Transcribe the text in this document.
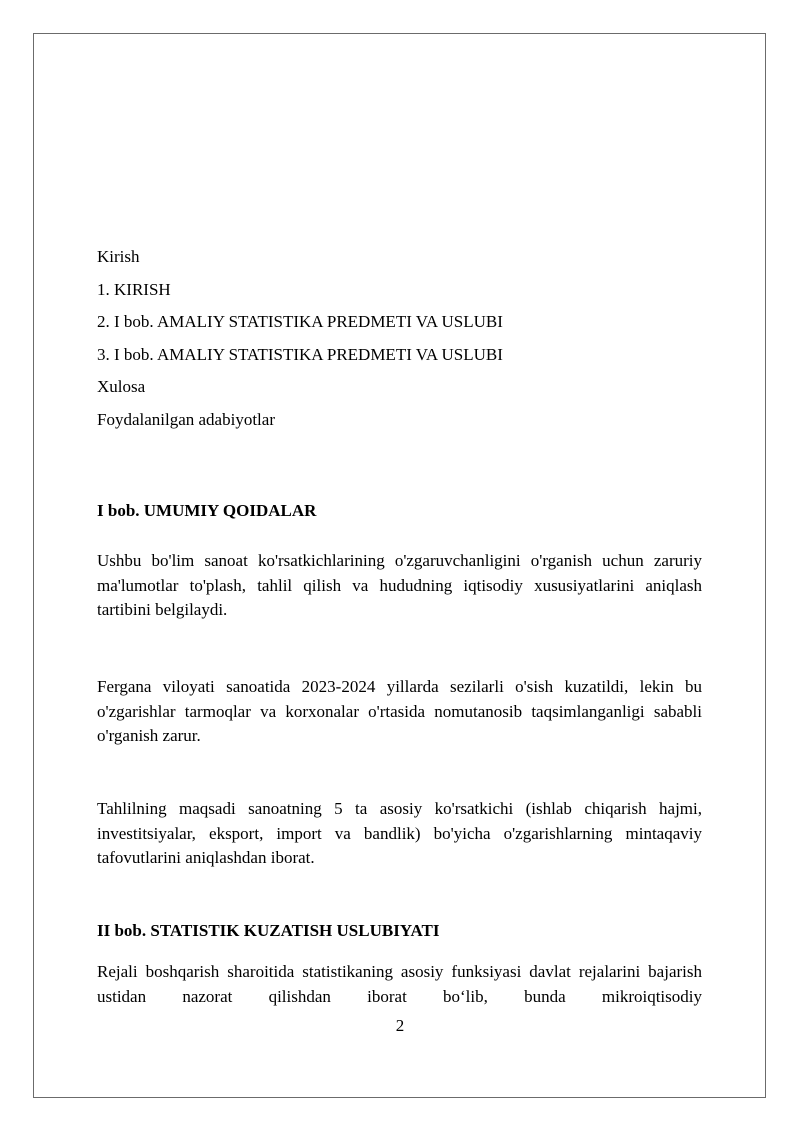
Kirish
1. KIRISH
2. I bob. AMALIY STATISTIKA PREDMETI VA USLUBI
3. I bob. AMALIY STATISTIKA PREDMETI VA USLUBI
Xulosa
Foydalanilgan adabiyotlar
I bob. UMUMIY QOIDALAR
Ushbu bo'lim sanoat ko'rsatkichlarining o'zgaruvchanligini o'rganish uchun zaruriy ma'lumotlar to'plash, tahlil qilish va hududning iqtisodiy xususiyatlarini aniqlash tartibini belgilaydi.
Fergana viloyati sanoatida 2023-2024 yillarda sezilarli o'sish kuzatildi, lekin bu o'zgarishlar tarmoqlar va korxonalar o'rtasida nomutanosib taqsimlanganligi sababli o'rganish zarur.
Tahlilning maqsadi sanoatning 5 ta asosiy ko'rsatkichi (ishlab chiqarish hajmi, investitsiyalar, eksport, import va bandlik) bo'yicha o'zgarishlarning mintaqaviy tafovutlarini aniqlashdan iborat.
II bob. STATISTIK KUZATISH USLUBIYATI
Rejali boshqarish sharoitida statistikaning asosiy funksiyasi davlat rejalarini bajarish ustidan nazorat qilishdan iborat bo‘lib, bunda mikroiqtisodiy
2
